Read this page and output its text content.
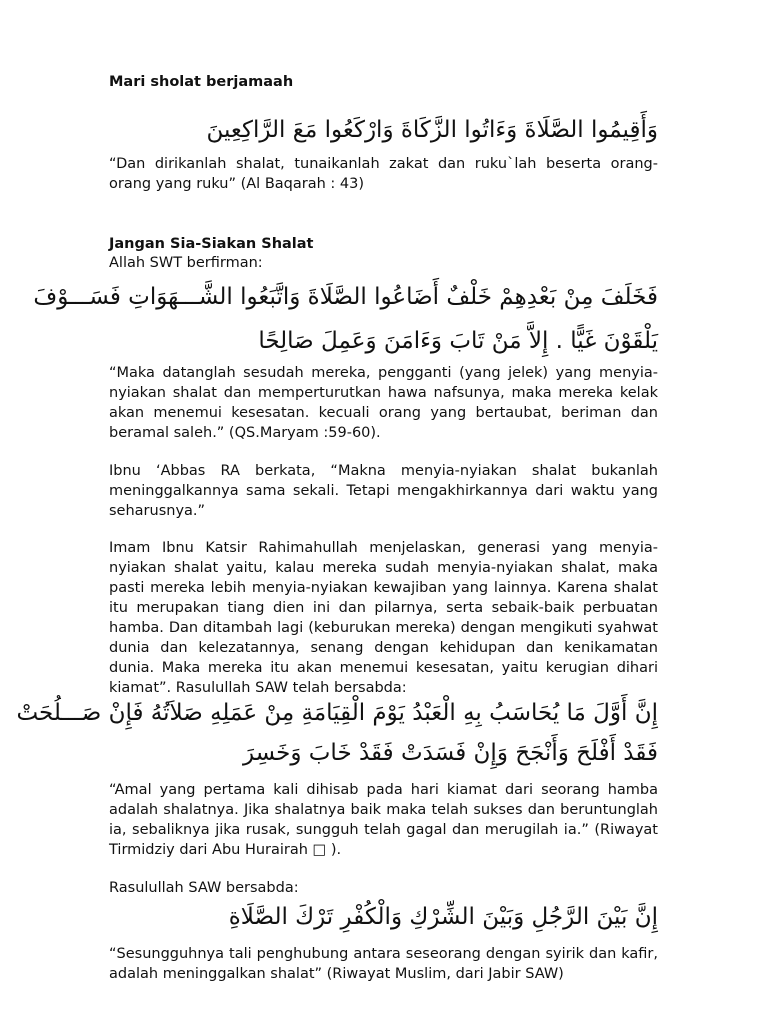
Mari sholat berjamaah
وَأَقِيمُوا الصَّلَاةَ وَءَاتُوا الزَّكَاةَ وَارْكَعُوا مَعَ الرَّاكِعِينَ
“Dan dirikanlah shalat, tunaikanlah zakat dan ruku`lah beserta orang-orang yang ruku” (Al Baqarah : 43)
Jangan Sia-Siakan Shalat
Allah SWT berfirman:
فَخَلَفَ مِنْ بَعْدِهِمْ خَلْفٌ أَضَاعُوا الصَّلَاةَ وَاتَّبَعُوا الشَّـــهَوَاتِ فَسَـــوْفَ
يَلْقَوْنَ غَيًّا . إِلاَّ مَنْ تَابَ وَءَامَنَ وَعَمِلَ صَالِحًا
“Maka datanglah sesudah mereka, pengganti (yang jelek) yang menyia-nyiakan shalat dan memperturutkan hawa nafsunya, maka mereka kelak akan menemui kesesatan. kecuali orang yang bertaubat, beriman dan beramal saleh.” (QS.Maryam :59-60).
Ibnu ‘Abbas RA berkata, “Makna menyia-nyiakan shalat bukanlah meninggalkannya sama sekali. Tetapi mengakhirkannya dari waktu yang seharusnya.”
Imam Ibnu Katsir Rahimahullah menjelaskan, generasi yang menyia-nyiakan shalat yaitu, kalau mereka sudah menyia-nyiakan shalat, maka pasti mereka lebih menyia-nyiakan kewajiban yang lainnya. Karena shalat itu merupakan tiang dien ini dan pilarnya, serta sebaik-baik perbuatan hamba. Dan ditambah lagi (keburukan mereka) dengan mengikuti syahwat dunia dan kelezatannya, senang dengan kehidupan dan kenikamatan dunia. Maka mereka itu akan menemui kesesatan, yaitu kerugian dihari kiamat”. Rasulullah SAW telah bersabda:
إِنَّ أَوَّلَ مَا يُحَاسَبُ بِهِ الْعَبْدُ يَوْمَ الْقِيَامَةِ مِنْ عَمَلِهِ صَلاَتُهُ فَإِنْ صَـــلُحَتْ
فَقَدْ أَفْلَحَ وَأَنْجَحَ وَإِنْ فَسَدَتْ فَقَدْ خَابَ وَخَسِرَ
“Amal yang pertama kali dihisab pada hari kiamat dari seorang hamba adalah shalatnya. Jika shalatnya baik maka telah sukses dan beruntunglah ia, sebaliknya jika rusak, sungguh telah gagal dan merugilah ia.” (Riwayat Tirmidziy dari Abu Hurairah □ ).
Rasulullah SAW bersabda:
إِنَّ بَيْنَ الرَّجُلِ وَبَيْنَ الشِّرْكِ وَالْكُفْرِ تَرْكَ الصَّلَاةِ
“Sesungguhnya tali penghubung antara seseorang dengan syirik dan kafir, adalah meninggalkan shalat” (Riwayat Muslim, dari Jabir SAW)
